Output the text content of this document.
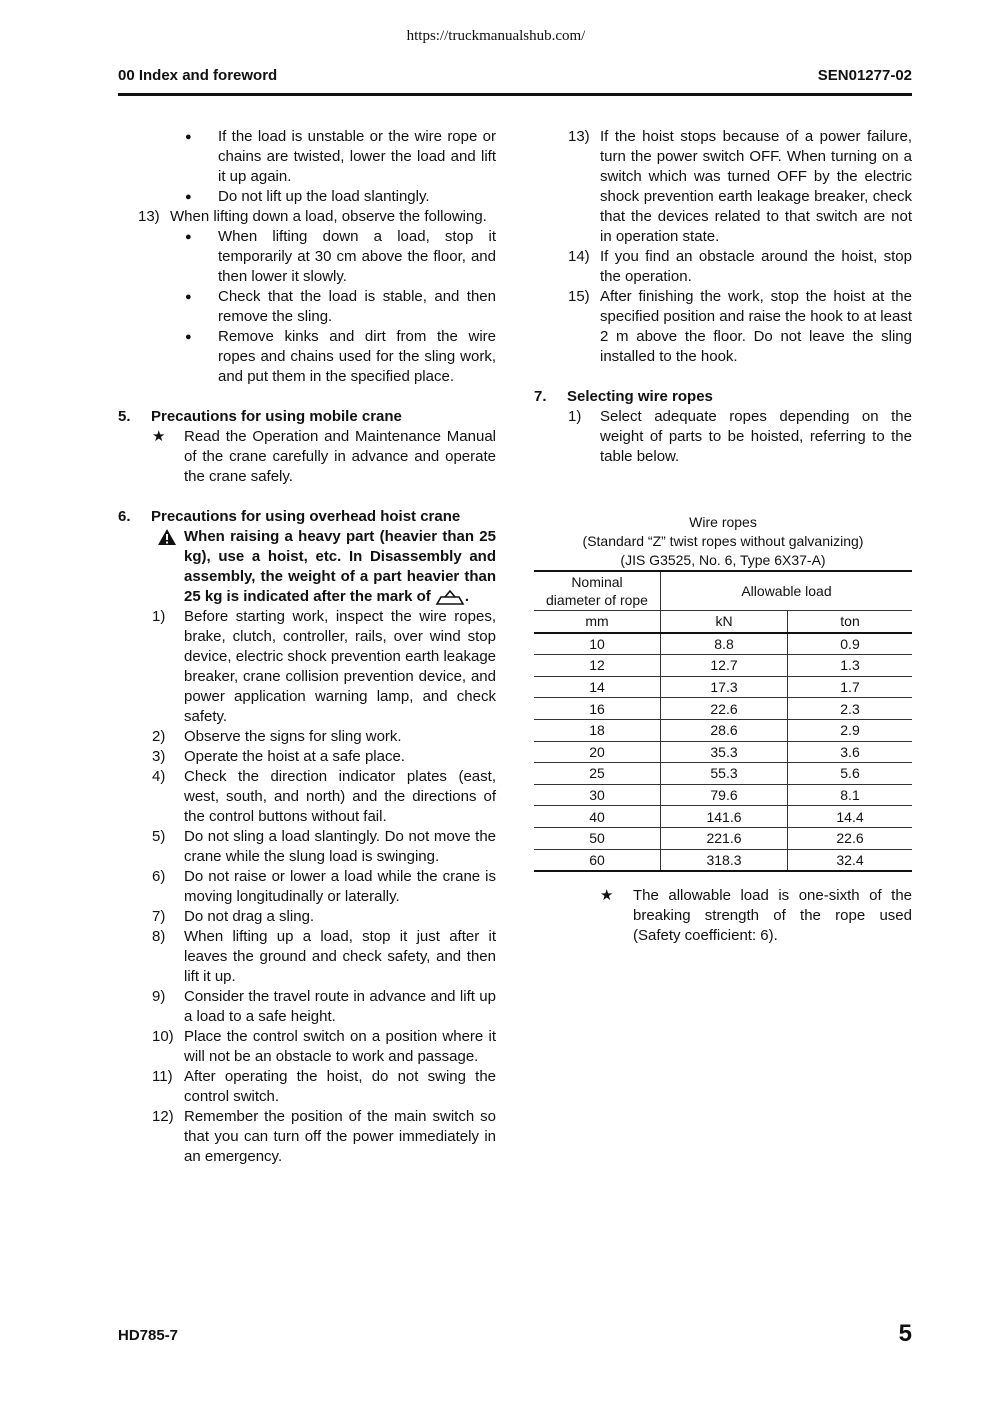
https://truckmanualshub.com/
00 Index and foreword	SEN01277-02
●	If the load is unstable or the wire rope or chains are twisted, lower the load and lift it up again.
●	Do not lift up the load slantingly.
13) When lifting down a load, observe the following.
●	When lifting down a load, stop it temporarily at 30 cm above the floor, and then lower it slowly.
●	Check that the load is stable, and then remove the sling.
●	Remove kinks and dirt from the wire ropes and chains used for the sling work, and put them in the specified place.
5.	Precautions for using mobile crane
★	Read the Operation and Maintenance Manual of the crane carefully in advance and operate the crane safely.
6.	Precautions for using overhead hoist crane
When raising a heavy part (heavier than 25 kg), use a hoist, etc. In Disassembly and assembly, the weight of a part heavier than 25 kg is indicated after the mark of .
1)	Before starting work, inspect the wire ropes, brake, clutch, controller, rails, over wind stop device, electric shock prevention earth leakage breaker, crane collision prevention device, and power application warning lamp, and check safety.
2)	Observe the signs for sling work.
3)	Operate the hoist at a safe place.
4)	Check the direction indicator plates (east, west, south, and north) and the directions of the control buttons without fail.
5)	Do not sling a load slantingly. Do not move the crane while the slung load is swinging.
6)	Do not raise or lower a load while the crane is moving longitudinally or laterally.
7)	Do not drag a sling.
8)	When lifting up a load, stop it just after it leaves the ground and check safety, and then lift it up.
9)	Consider the travel route in advance and lift up a load to a safe height.
10) Place the control switch on a position where it will not be an obstacle to work and passage.
11) After operating the hoist, do not swing the control switch.
12) Remember the position of the main switch so that you can turn off the power immediately in an emergency.
13) If the hoist stops because of a power failure, turn the power switch OFF. When turning on a switch which was turned OFF by the electric shock prevention earth leakage breaker, check that the devices related to that switch are not in operation state.
14) If you find an obstacle around the hoist, stop the operation.
15) After finishing the work, stop the hoist at the specified position and raise the hook to at least 2 m above the floor. Do not leave the sling installed to the hook.
7.	Selecting wire ropes
1)	Select adequate ropes depending on the weight of parts to be hoisted, referring to the table below.
Wire ropes
(Standard “Z” twist ropes without galvanizing)
(JIS G3525, No. 6, Type 6X37-A)
Nominal
diameter of rope	Allowable load	
mm	kN	ton
10	8.8	0.9
12	12.7	1.3
14	17.3	1.7
16	22.6	2.3
18	28.6	2.9
20	35.3	3.6
25	55.3	5.6
30	79.6	8.1
40	141.6	14.4
50	221.6	22.6
60	318.3	32.4
★	The allowable load is one-sixth of the breaking strength of the rope used (Safety coefficient: 6).
HD785-7	5
